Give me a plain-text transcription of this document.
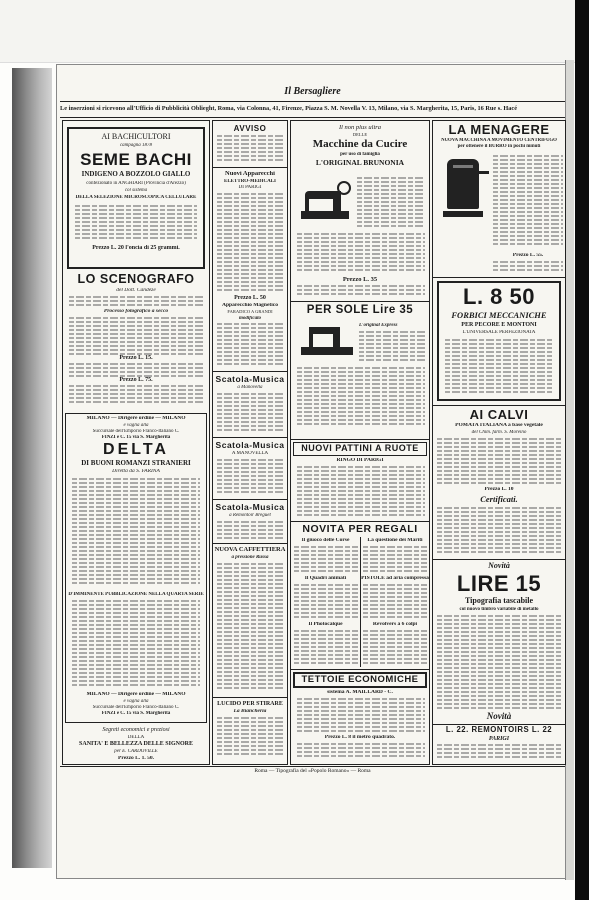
Il Bersagliere
Le inserzioni si ricevono all'Ufficio di Pubblicità Oblieght, Roma, via Colonna, 41, Firenze, Piazza S. M. Novella V. 13, Milano, via S. Margherita, 15, Paris, 16 Rue s. Hacé
AI BACHICULTORI
campagna 1878
SEME BACHI
INDIGENO A BOZZOLO GIALLO
confezionato in ANGHIARI (Provincia d'Arezzo)
col sistema
DELLA SELEZIONE MICROSCOPICA CELLULARE
Prezzo L. 20 l'oncia di 25 grammi.
LO SCENOGRAFO
del Dott. Candèze
Processo fotografico a secco
Prezzo L. 15.
Prezzo L. 75.
MILANO — Dirigere ordine — MILANO
e vaglia alla
Succursale dell'Emporio Franco-Italiano C.
FINZI e C. 15 via S. Margherita
DELTA
DI BUONI ROMANZI STRANIERI
Diretta da S. FARINA
D'IMMINENTE PUBBLICAZIONE NELLA QUARTA SERIE
MILANO — Dirigere ordine — MILANO
e vaglia alla
Succursale dell'Emporio Franco-Italiano C.
FINZI e C. 15 via S. Margherita
Segreti economici e preziosi
DELLA
SANITA' E BELLEZZA DELLE SIGNORE
per E. CARDOVILLE
Prezzo L. 1. 50.
AVVISO
Nuovi Apparecchi
ELETTRO-MEDICALI
DI PARIGI
Prezzo L. 50
Apparecchio Magnetico
FARADICO A GRANDI
modificato
Scatola-Musica
a Manovella
Scatola-Musica
A MANOVELLA
Scatola-Musica
a Remontoir Breguet
NUOVA CAFFETTIERA
a pressione Russa
LUCIDO PER STIRARE
La Biancheria
Il non plus ultra
DELLE
Macchine da Cucire
per uso di famiglia
L'ORIGINAL BRUNONIA
Prezzo L. 35
PER SOLE Lire 35
L'original Express
NUOVI PATTINI A RUOTE
RINGO DI PARIGI
NOVITÀ PER REGALI
Il giuoco delle Corse	La questione dei Mariti
Il Quadri animati	PISTOLE ad aria compressa
Il Photocalque	Revolvers a 6 colpi
TETTOIE ECONOMICHE
sistema A. MAILLARD - C.
Prezzo L. 8 il metro quadrato.
LA MENAGERE
NUOVA MACCHINA A MOVIMENTO CENTRIFUGO
per ottenere il BURRO in pochi minuti
Prezzo L. 55.
L. 8 50
FORBICI MECCANICHE
PER PECORE E MONTONI
L'UNIVERSALE PERFEZIONATA
AI CALVI
POMATA ITALIANA a base vegetale
del Chim. farm. S. Moreino
Prezzo L. 10
Certificati.
Novità
LIRE 15
Tipografia tascabile
col nuovo timbro variabile di metallo
Novità
L. 22. REMONTOIRS L. 22
PARIGI
Roma — Tipografia del «Popolo Romano» — Roma
